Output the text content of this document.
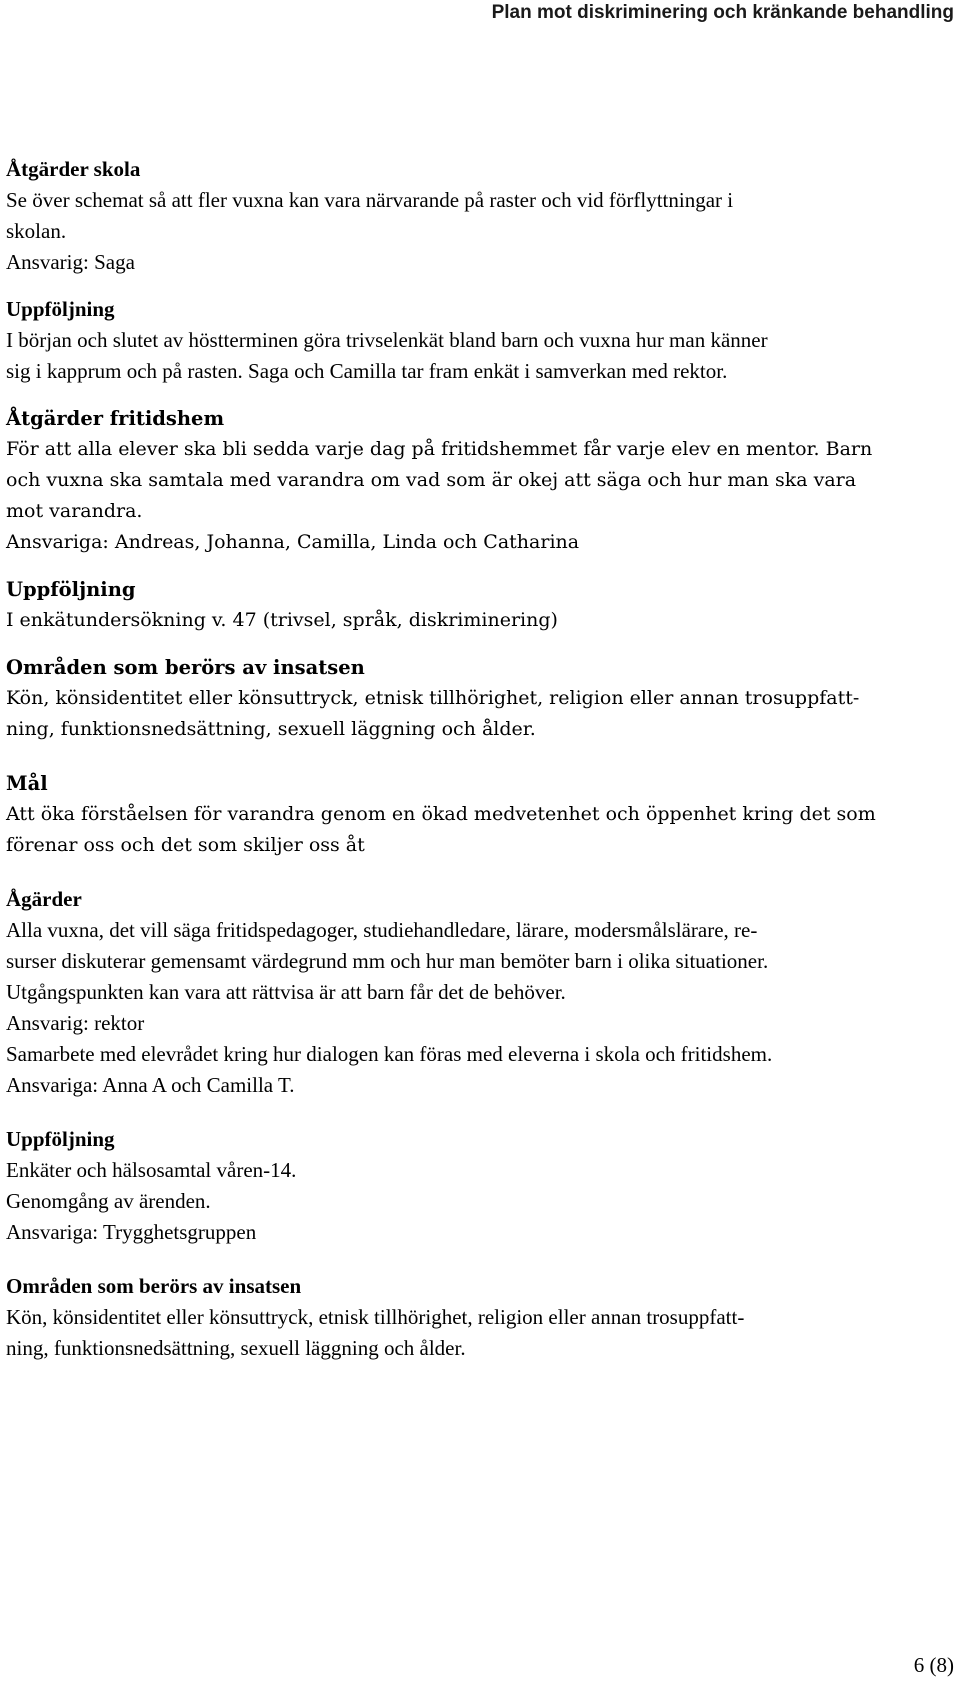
Plan mot diskriminering och kränkande behandling

Åtgärder skola

Se över schemat så att fler vuxna kan vara närvarande på raster och vid förflyttningar i

skolan.

Ansvarig: Saga

Uppföljning

I början och slutet av höstterminen göra trivselenkät bland barn och vuxna hur man känner

sig i kapprum och på rasten. Saga och Camilla tar fram enkät i samverkan med rektor.

Åtgärder fritidshem

För att alla elever ska bli sedda varje dag på fritidshemmet får varje elev en mentor. Barn

och vuxna ska samtala med varandra om vad som är okej att säga och hur man ska vara

mot varandra.

Ansvariga: Andreas, Johanna, Camilla, Linda och Catharina

Uppföljning

I enkätundersökning v. 47 (trivsel, språk, diskriminering)

Områden som berörs av insatsen

Kön, könsidentitet eller könsuttryck, etnisk tillhörighet, religion eller annan trosuppfatt-

ning, funktionsnedsättning, sexuell läggning och ålder.

Mål

Att öka förståelsen för varandra genom en ökad medvetenhet och öppenhet kring det som

förenar oss och det som skiljer oss åt

Ågärder

Alla vuxna, det vill säga fritidspedagoger, studiehandledare, lärare, modersmålslärare, re-

surser diskuterar gemensamt värdegrund mm och hur man bemöter barn i olika situationer.

Utgångspunkten kan vara att rättvisa är att barn får det de behöver.

Ansvarig: rektor

Samarbete med elevrådet kring hur dialogen kan föras med eleverna i skola och fritidshem.

Ansvariga: Anna A och Camilla T.

Uppföljning

Enkäter och hälsosamtal våren-14.

Genomgång av ärenden.

Ansvariga: Trygghetsgruppen

Områden som berörs av insatsen

Kön, könsidentitet eller könsuttryck, etnisk tillhörighet, religion eller annan trosuppfatt-

ning, funktionsnedsättning, sexuell läggning och ålder.

6 (8)
